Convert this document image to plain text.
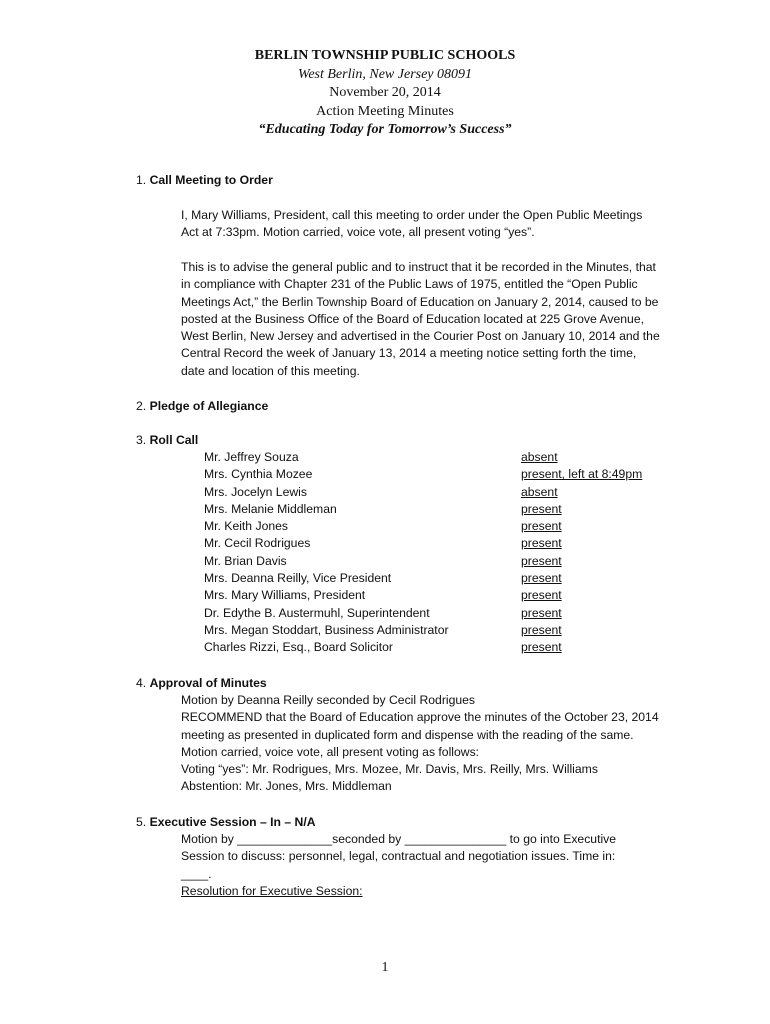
BERLIN TOWNSHIP PUBLIC SCHOOLS
West Berlin, New Jersey 08091
November 20, 2014
Action Meeting Minutes
“Educating Today for Tomorrow’s Success”
1. Call Meeting to Order

I, Mary Williams, President, call this meeting to order under the Open Public Meetings Act at 7:33pm. Motion carried, voice vote, all present voting “yes”.

This is to advise the general public and to instruct that it be recorded in the Minutes, that in compliance with Chapter 231 of the Public Laws of 1975, entitled the “Open Public Meetings Act,” the Berlin Township Board of Education on January 2, 2014, caused to be posted at the Business Office of the Board of Education located at 225 Grove Avenue, West Berlin, New Jersey and advertised in the Courier Post on January 10, 2014 and the Central Record the week of January 13, 2014 a meeting notice setting forth the time, date and location of this meeting.

2. Pledge of Allegiance
3. Roll Call
Mr. Jeffrey Souza	absent
Mrs. Cynthia Mozee	present, left at 8:49pm
Mrs. Jocelyn Lewis	absent
Mrs. Melanie Middleman	present
Mr. Keith Jones	present
Mr. Cecil Rodrigues	present
Mr. Brian Davis	present
Mrs. Deanna Reilly, Vice President	present
Mrs. Mary Williams, President	present
Dr. Edythe B. Austermuhl, Superintendent	present
Mrs. Megan Stoddart, Business Administrator	present
Charles Rizzi, Esq., Board Solicitor	present
4. Approval of Minutes

Motion by Deanna Reilly seconded by Cecil Rodrigues

RECOMMEND that the Board of Education approve the minutes of the October 23, 2014 meeting as presented in duplicated form and dispense with the reading of the same. Motion carried, voice vote, all present voting as follows:

Voting “yes”: Mr. Rodrigues, Mrs. Mozee, Mr. Davis, Mrs. Reilly, Mrs. Williams

Abstention: Mr. Jones, Mrs. Middleman

5. Executive Session – In – N/A

Motion by ______________seconded by _______________ to go into Executive Session to discuss: personnel, legal, contractual and negotiation issues. Time in:

____.

Resolution for Executive Session:

1
